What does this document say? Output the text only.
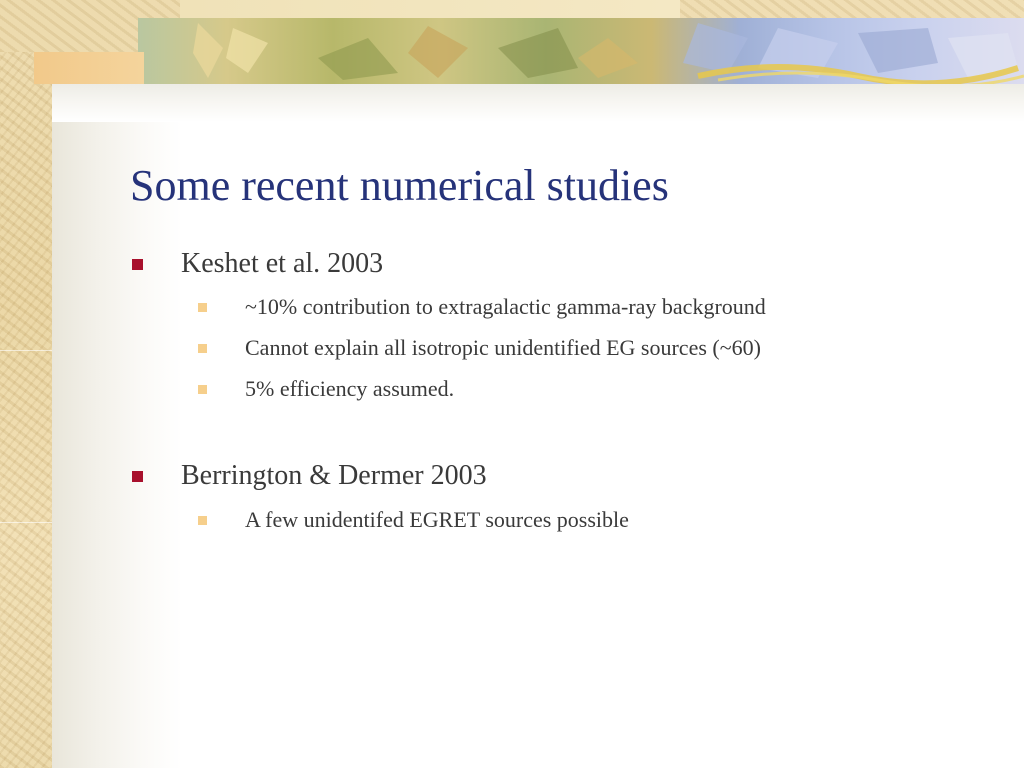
Some recent numerical studies
Keshet et al. 2003
~10% contribution to extragalactic gamma-ray background
Cannot explain all isotropic unidentified EG sources (~60)
5% efficiency assumed.
Berrington & Dermer 2003
A few unidentifed EGRET sources possible
